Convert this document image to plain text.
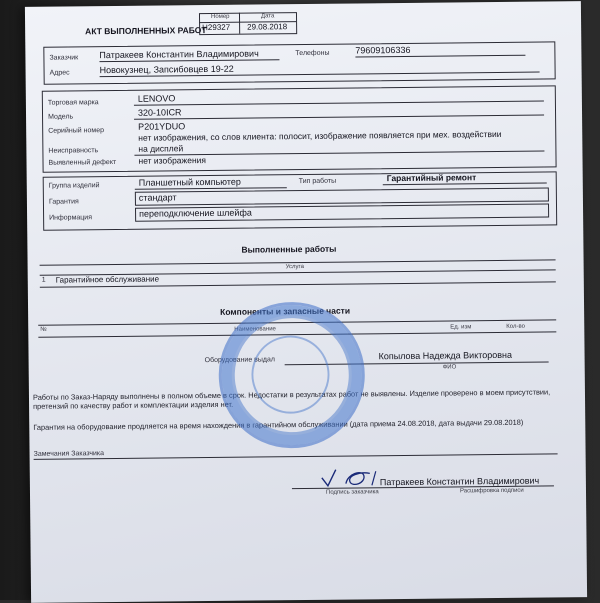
АКТ ВЫПОЛНЕННЫХ РАБОТ
Номер	Дата
Н29327 29.08.2018
Заказчик Патракеев Константин Владимирович	Телефоны	79609106336
Адрес	Новокузнец, Запсибовцев 19-22
Торговая марка	LENOVO
Модель	320-10ICR
Серийный номер	P201YDUO
нет изображения, со слов клиента: полосит, изображение появляется при мех. воздействии
Неисправность	на дисплей
Выявленный дефект	нет изображения
Группа изделий	Планшетный компьютер	Тип работы	Гарантийный ремонт
Гарантия	стандарт
Информация	переподключение шлейфа
Выполненные работы
Услуга
1 Гарантийное обслуживание
Компоненты и запасные части
№	Наименование	Ед. изм	Кол-во
Оборудование выдал	Копылова Надежда Викторовна
ФИО
Работы по Заказ-Наряду выполнены в полном объеме в срок. Недостатки в результатах работ не выявлены. Изделие проверено в моем присутствии, претензий по качеству работ и комплектации изделия нет.
Гарантия на оборудование продляется на время нахождения в гарантийном обслуживании (дата приема 24.08.2018, дата выдачи 29.08.2018)
Замечания Заказчика
Патракеев Константин Владимирович
Подпись заказчика	Расшифровка подписи
